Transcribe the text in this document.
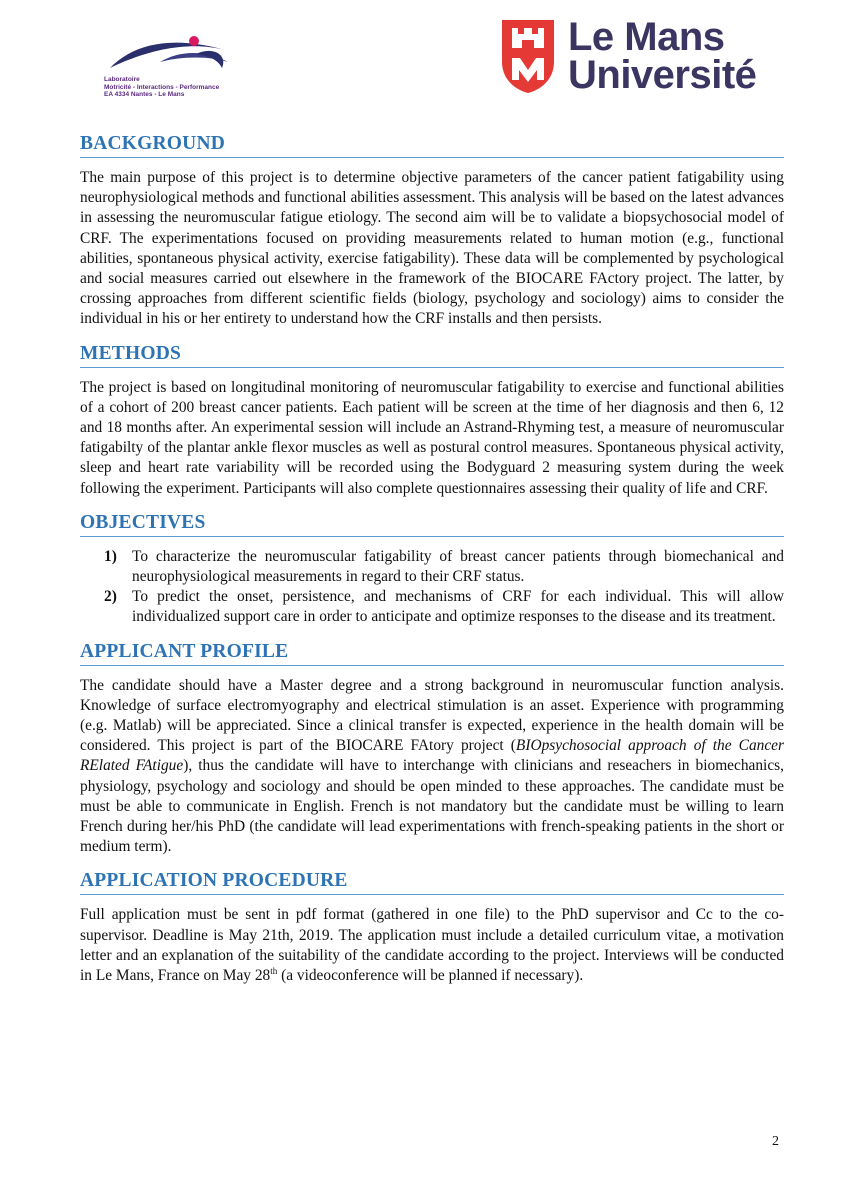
Laboratoire
Motricité - Interactions - Performance
EA 4334 Nantes - Le Mans
Le Mans
Université
BACKGROUND

The main purpose of this project is to determine objective parameters of the cancer patient fatigability using neurophysiological methods and functional abilities assessment. This analysis will be based on the latest advances in assessing the neuromuscular fatigue etiology. The second aim will be to validate a biopsychosocial model of CRF. The experimentations focused on providing measurements related to human motion (e.g., functional abilities, spontaneous physical activity, exercise fatigability). These data will be complemented by psychological and social measures carried out elsewhere in the framework of the BIOCARE FActory project. The latter, by crossing approaches from different scientific fields (biology, psychology and sociology) aims to consider the individual in his or her entirety to understand how the CRF installs and then persists.

METHODS

The project is based on longitudinal monitoring of neuromuscular fatigability to exercise and functional abilities of a cohort of 200 breast cancer patients. Each patient will be screen at the time of her diagnosis and then 6, 12 and 18 months after. An experimental session will include an Astrand-Rhyming test, a measure of neuromuscular fatigabilty of the plantar ankle flexor muscles as well as postural control measures. Spontaneous physical activity, sleep and heart rate variability will be recorded using the Bodyguard 2 measuring system during the week following the experiment. Participants will also complete questionnaires assessing their quality of life and CRF.

OBJECTIVES
1) To characterize the neuromuscular fatigability of breast cancer patients through biomechanical and neurophysiological measurements in regard to their CRF status.
2) To predict the onset, persistence, and mechanisms of CRF for each individual. This will allow individualized support care in order to anticipate and optimize responses to the disease and its treatment.
APPLICANT PROFILE

The candidate should have a Master degree and a strong background in neuromuscular function analysis. Knowledge of surface electromyography and electrical stimulation is an asset. Experience with programming (e.g. Matlab) will be appreciated. Since a clinical transfer is expected, experience in the health domain will be considered. This project is part of the BIOCARE FAtory project (BIOpsychosocial approach of the Cancer RElated FAtigue), thus the candidate will have to interchange with clinicians and reseachers in biomechanics, physiology, psychology and sociology and should be open minded to these approaches. The candidate must be must be able to communicate in English. French is not mandatory but the candidate must be willing to learn French during her/his PhD (the candidate will lead experimentations with french-speaking patients in the short or medium term).

APPLICATION PROCEDURE

Full application must be sent in pdf format (gathered in one file) to the PhD supervisor and Cc to the co-supervisor. Deadline is May 21th, 2019. The application must include a detailed curriculum vitae, a motivation letter and an explanation of the suitability of the candidate according to the project. Interviews will be conducted in Le Mans, France on May 28th (a videoconference will be planned if necessary).

2
